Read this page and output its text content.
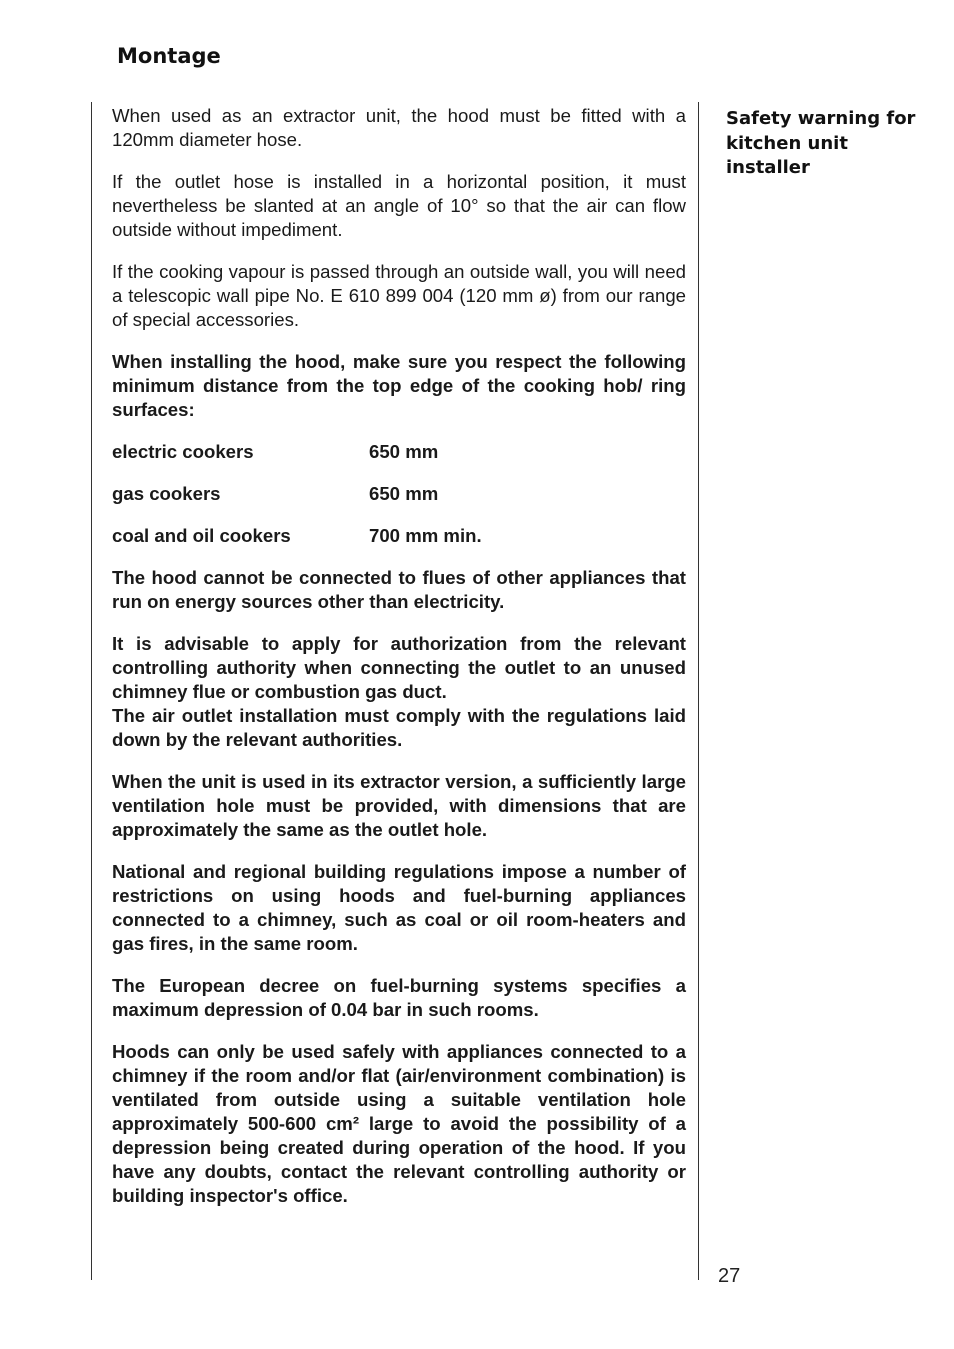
Montage

When used as an extractor unit, the hood must be fitted with a 120mm diameter hose.

If the outlet hose is installed in a horizontal position, it must nevertheless be slanted at an angle of 10° so that the air can flow outside without impediment.

If the cooking vapour is passed through an outside wall, you will need a telescopic wall pipe No. E 610 899 004 (120 mm ø) from our range of special accessories.

When installing the hood, make sure you respect the following minimum distance from the top edge of the cooking hob/ ring surfaces:

electric cookers	650 mm
gas cookers	650 mm
coal and oil cookers	700 mm min.

The hood cannot be connected to flues of other appliances that run on energy sources other than electricity.

It is advisable to apply for authorization from the relevant controlling authority when connecting the outlet to an unused chimney flue or combustion gas duct.

The air outlet installation must comply with the regulations laid down by the relevant authorities.

When the unit is used in its extractor version, a sufficiently large ventilation hole must be provided, with dimensions that are approximately the same as the outlet hole.

National and regional building regulations impose a number of restrictions on using hoods and fuel-burning appliances connected to a chimney, such as coal or oil room-heaters and gas fires, in the same room.

The European decree on fuel-burning systems specifies a maximum depression of 0.04 bar in such rooms.

Hoods can only be used safely with appliances connected to a chimney if the room and/or flat (air/environment combination) is ventilated from outside using a suitable ventilation hole approximately 500-600 cm² large to avoid the possibility of a depression being created during operation of the hood. If you have any doubts, contact the relevant controlling authority or building inspector's office.

Safety warning for kitchen unit installer
27
